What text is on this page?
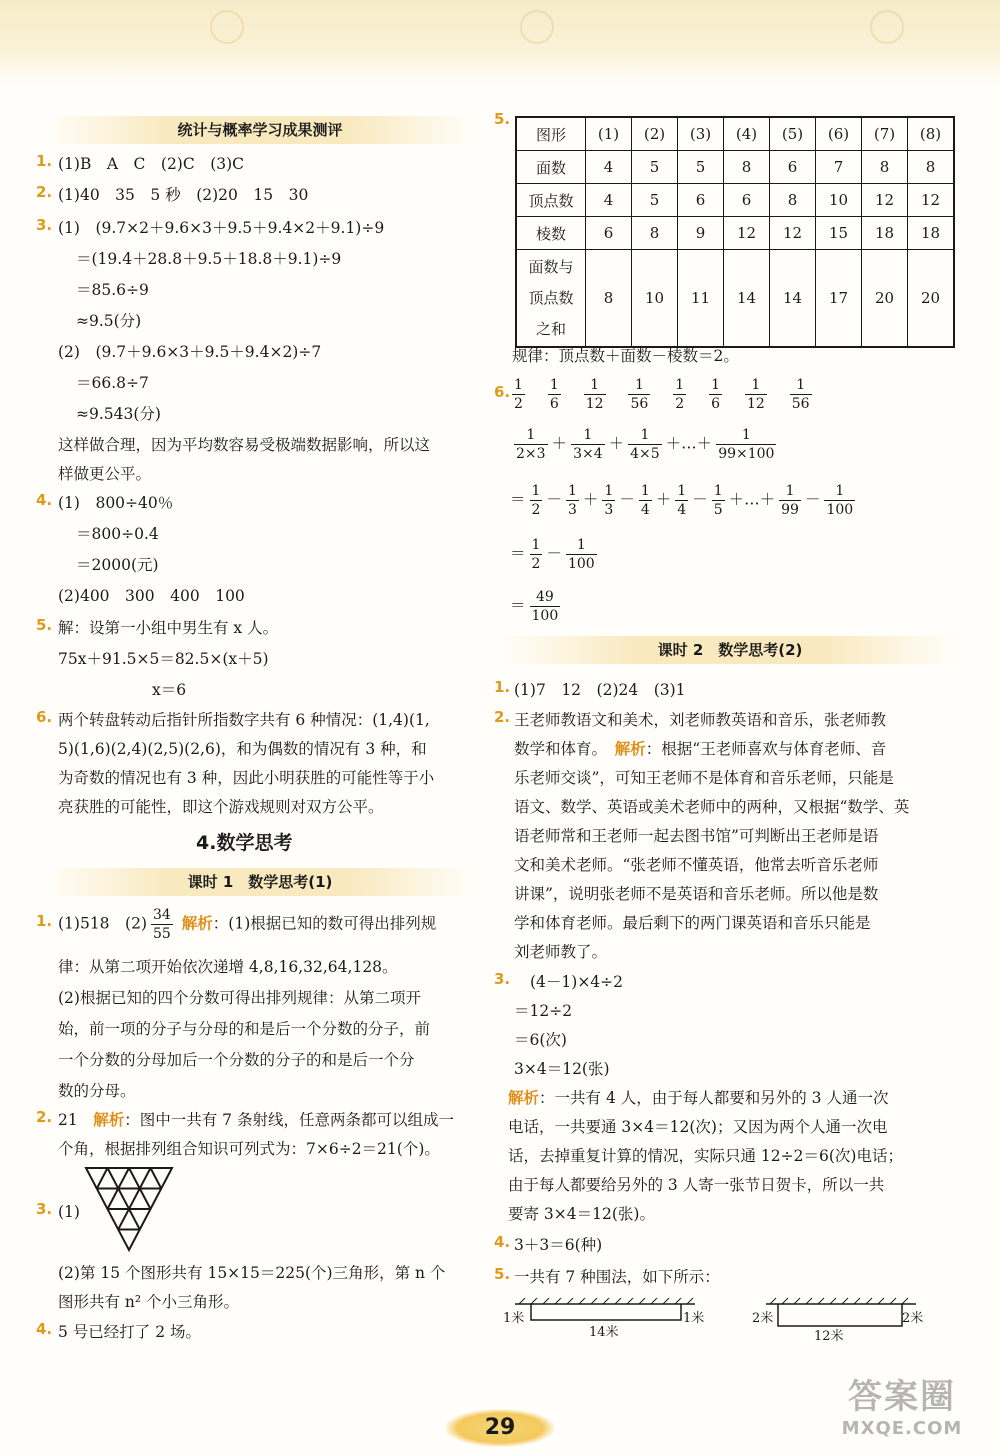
统计与概率学习成果测评
1. (1)B　A　C　(2)C　(3)C
2. (1)40　35　5 秒　(2)20　15　30
3. (1)　(9.7×2＋9.6×3＋9.5＋9.4×2＋9.1)÷9
＝(19.4＋28.8＋9.5＋18.8＋9.1)÷9
＝85.6÷9
≈9.5(分)
(2)　(9.7＋9.6×3＋9.5＋9.4×2)÷7
＝66.8÷7
≈9.543(分)
这样做合理，因为平均数容易受极端数据影响，所以这
样做更公平。
4. (1)　800÷40％
＝800÷0.4
＝2000(元)
(2)400　300　400　100
5. 解：设第一小组中男生有 x 人。
75x＋91.5×5＝82.5×(x＋5)
x＝6
6. 两个转盘转动后指针所指数字共有 6 种情况：(1,4)(1,
5)(1,6)(2,4)(2,5)(2,6)，和为偶数的情况有 3 种，和
为奇数的情况也有 3 种，因此小明获胜的可能性等于小
亮获胜的可能性，即这个游戏规则对双方公平。
4.数学思考
课时 1　数学思考(1)
1. (1)518　$(2) \frac{34}{55}$ 解析：(1)根据已知的数可得出排列规
律：从第二项开始依次递增 4,8,16,32,64,128。
(2)根据已知的四个分数可得出排列规律：从第二项开
始，前一项的分子与分母的和是后一个分数的分子，前
一个分数的分母加后一个分数的分子的和是后一个分
数的分母。
2. 21　解析：图中一共有 7 条射线，任意两条都可以组成一
个角，根据排列组合知识可列式为：7×6÷2＝21(个)。
3. (1)
(2)第 15 个图形共有 15×15＝225(个)三角形，第 n 个
图形共有 n² 个小三角形。
4. 5 号已经打了 2 场。
5.
图形	(1)	(2)	(3)	(4)	(5)	(6)	(7)	(8)
面数	4	5	5	8	6	7	8	8
顶点数	4	5	6	6	8	10	12	12
棱数	6	8	9	12	12	15	18	18

面数与
顶点数
之和	8	10	11	14	14	17	20	20
规律：顶点数＋面数－棱数＝2。
6. $\frac{1}{2}$
$\frac{1}{6}$
$\frac{1}{12}$
$\frac{1}{56}$
$\frac{1}{2}$
$\frac{1}{6}$
$\frac{1}{12}$
$\frac{1}{56}$
$\frac{1}{2\times 3} + \frac{1}{3\times 4} + \frac{1}{4\times 5}$ ＋…＋ $\frac{1}{99\times 100}$
＝ $\frac{1}{2} - \frac{1}{3} + \frac{1}{3} - \frac{1}{4} + \frac{1}{4} - \frac{1}{5}$ ＋…＋ $\frac{1}{99} - \frac{1}{100}$
＝ $\frac{1}{2} - \frac{1}{100}$
＝ $\frac{49}{100}$
课时 2　数学思考(2)
1. (1)7　12　(2)24　(3)1
2. 王老师教语文和美术，刘老师教英语和音乐，张老师教
数学和体育。　 解析：根据“王老师喜欢与体育老师、音
乐老师交谈”，可知王老师不是体育和音乐老师，只能是
语文、数学、英语或美术老师中的两种，又根据“数学、英
语老师常和王老师一起去图书馆”可判断出王老师是语
文和美术老师。“张老师不懂英语，他常去听音乐老师
讲课”，说明张老师不是英语和音乐老师。所以他是数
学和体育老师。最后剩下的两门课英语和音乐只能是
刘老师教了。
3. (4－1)×4÷2
＝12÷2
＝6(次)
3×4＝12(张)
解析：一共有 4 人，由于每人都要和另外的 3 人通一次
电话，一共要通 3×4＝12(次)；又因为两个人通一次电
话，去掉重复计算的情况，实际只通 12÷2＝6(次)电话；
由于每人都要给另外的 3 人寄一张节日贺卡，所以一共
要寄 3×4＝12(张)。
4. 3＋3＝6(种)
5. 一共有 7 种围法，如下所示：
1米	1米
14米
2米	2米
12米
29
答案圈
MXQE.COM
